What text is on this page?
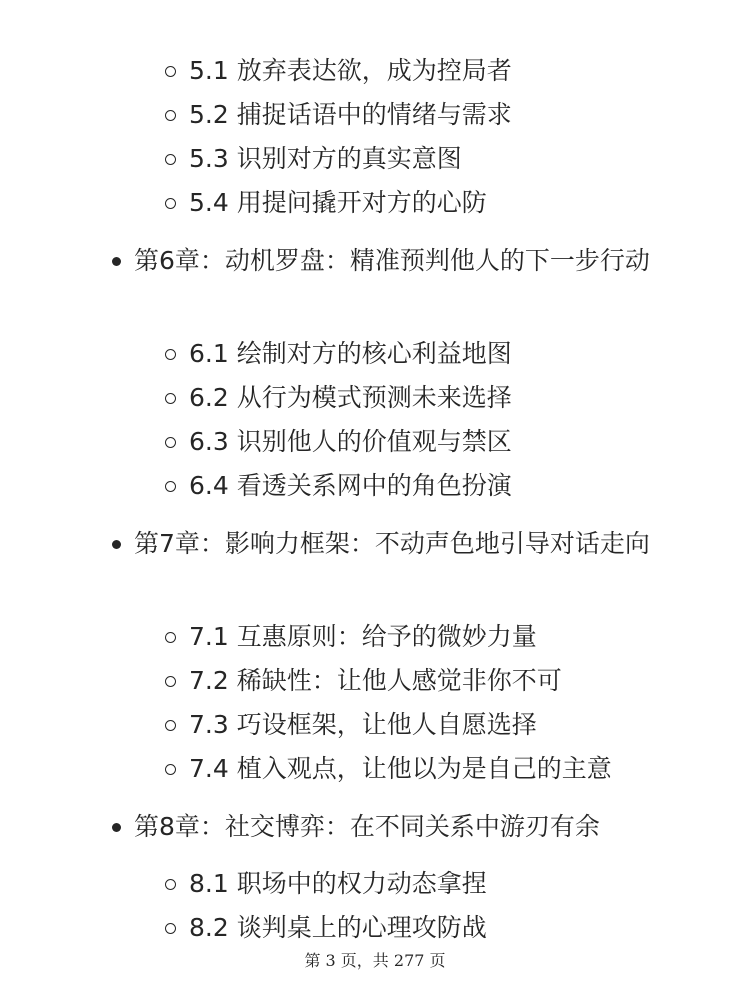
5.1 放弃表达欲，成为控局者
5.2 捕捉话语中的情绪与需求
5.3 识别对方的真实意图
5.4 用提问撬开对方的心防
第6章：动机罗盘：精准预判他人的下一步行动
6.1 绘制对方的核心利益地图
6.2 从行为模式预测未来选择
6.3 识别他人的价值观与禁区
6.4 看透关系网中的角色扮演
第7章：影响力框架：不动声色地引导对话走向
7.1 互惠原则：给予的微妙力量
7.2 稀缺性：让他人感觉非你不可
7.3 巧设框架，让他人自愿选择
7.4 植入观点，让他以为是自己的主意
第8章：社交博弈：在不同关系中游刃有余
8.1 职场中的权力动态拿捏
8.2 谈判桌上的心理攻防战
第 3 页，共 277 页
